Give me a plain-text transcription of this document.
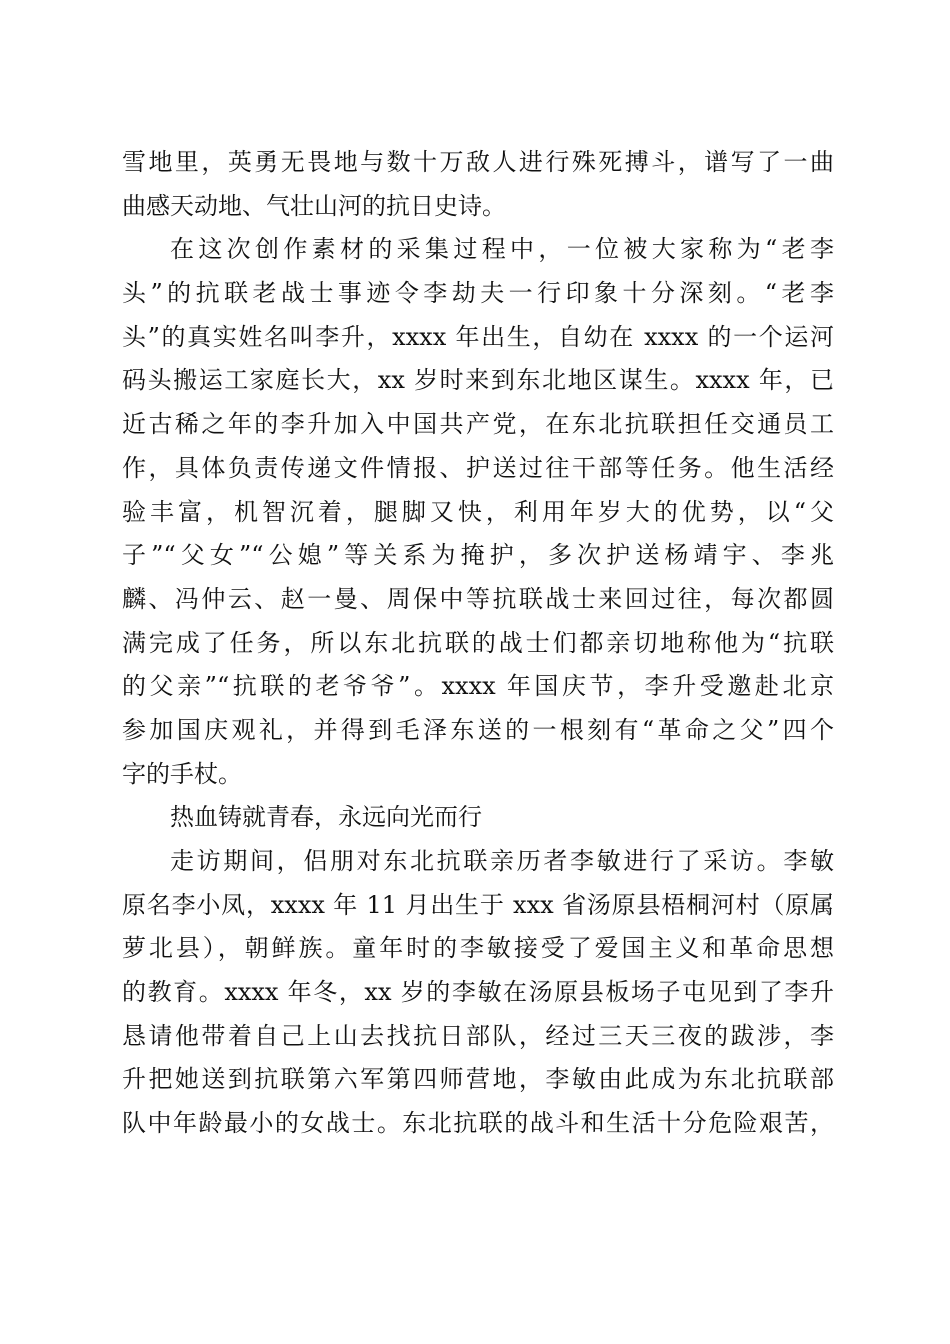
雪地里，英勇无畏地与数十万敌人进行殊死搏斗，谱写了一曲
曲感天动地、气壮山河的抗日史诗。
在这次创作素材的采集过程中，一位被大家称为“老李
头”的抗联老战士事迹令李劫夫一行印象十分深刻。“老李
头”的真实姓名叫李升，xxxx 年出生，自幼在 xxxx 的一个运河
码头搬运工家庭长大，xx 岁时来到东北地区谋生。xxxx 年，已
近古稀之年的李升加入中国共产党，在东北抗联担任交通员工
作，具体负责传递文件情报、护送过往干部等任务。他生活经
验丰富，机智沉着，腿脚又快，利用年岁大的优势，以“父
子”“父女”“公媳”等关系为掩护，多次护送杨靖宇、李兆
麟、冯仲云、赵一曼、周保中等抗联战士来回过往，每次都圆
满完成了任务，所以东北抗联的战士们都亲切地称他为“抗联
的父亲”“抗联的老爷爷”。xxxx 年国庆节，李升受邀赴北京
参加国庆观礼，并得到毛泽东送的一根刻有“革命之父”四个
字的手杖。
热血铸就青春，永远向光而行
走访期间，侣朋对东北抗联亲历者李敏进行了采访。李敏
原名李小凤，xxxx 年 11 月出生于 xxx 省汤原县梧桐河村（原属
萝北县），朝鲜族。童年时的李敏接受了爱国主义和革命思想
的教育。xxxx 年冬，xx 岁的李敏在汤原县板场子屯见到了李升
恳请他带着自己上山去找抗日部队，经过三天三夜的跋涉，李
升把她送到抗联第六军第四师营地，李敏由此成为东北抗联部
队中年龄最小的女战士。东北抗联的战斗和生活十分危险艰苦，
